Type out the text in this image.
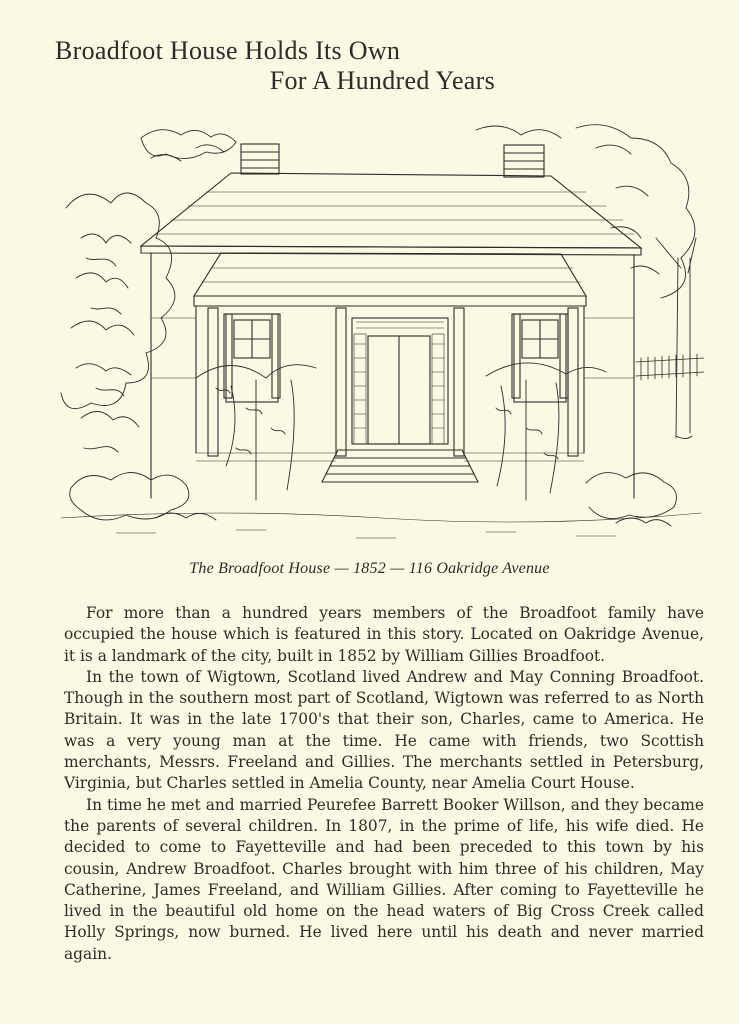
Broadfoot House Holds Its Own
For A Hundred Years
The Broadfoot House — 1852 — 116 Oakridge Avenue

For more than a hundred years members of the Broadfoot family have occupied the house which is featured in this story. Located on Oakridge Avenue, it is a landmark of the city, built in 1852 by William Gillies Broadfoot.

In the town of Wigtown, Scotland lived Andrew and May Conning Broadfoot. Though in the southern most part of Scotland, Wigtown was referred to as North Britain. It was in the late 1700's that their son, Charles, came to America. He was a very young man at the time. He came with friends, two Scottish merchants, Messrs. Freeland and Gillies. The merchants settled in Petersburg, Virginia, but Charles settled in Amelia County, near Amelia Court House.

In time he met and married Peurefee Barrett Booker Willson, and they became the parents of several children. In 1807, in the prime of life, his wife died. He decided to come to Fayetteville and had been preceded to this town by his cousin, Andrew Broadfoot. Charles brought with him three of his children, May Catherine, James Freeland, and William Gillies. After coming to Fayetteville he lived in the beautiful old home on the head waters of Big Cross Creek called Holly Springs, now burned. He lived here until his death and never married again.
